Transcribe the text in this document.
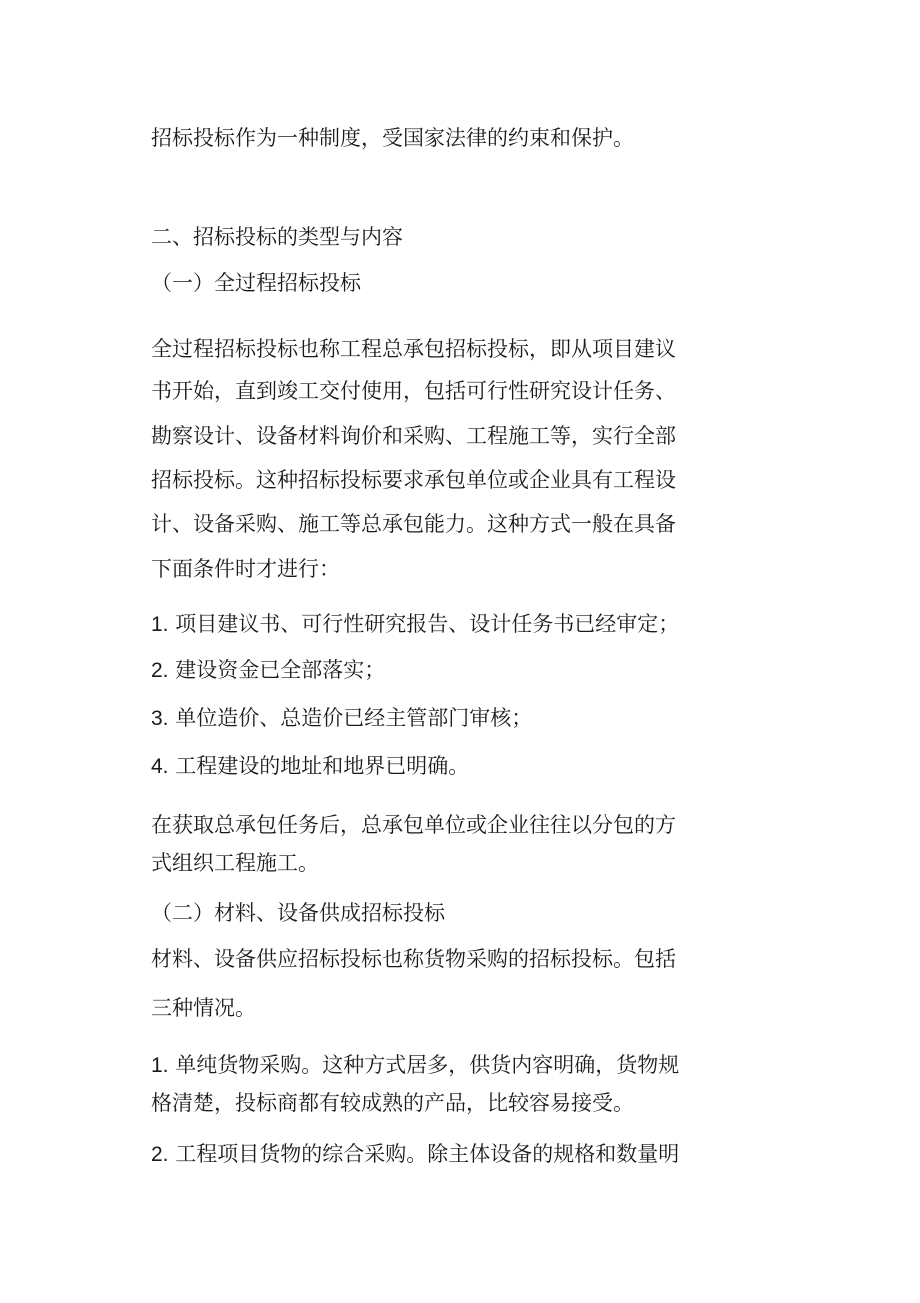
招标投标作为一种制度，受国家法律的约束和保护。

二、招标投标的类型与内容

（一）全过程招标投标

全过程招标投标也称工程总承包招标投标，即从项目建议

书开始，直到竣工交付使用，包括可行性研究设计任务、

勘察设计、设备材料询价和采购、工程施工等，实行全部

招标投标。这种招标投标要求承包单位或企业具有工程设

计、设备采购、施工等总承包能力。这种方式一般在具备

下面条件时才进行：

1. 项目建议书、可行性研究报告、设计任务书已经审定；

2. 建设资金已全部落实；

3. 单位造价、总造价已经主管部门审核；

4. 工程建设的地址和地界已明确。

在获取总承包任务后，总承包单位或企业往往以分包的方

式组织工程施工。

（二）材料、设备供成招标投标

材料、设备供应招标投标也称货物采购的招标投标。包括

三种情况。

1. 单纯货物采购。这种方式居多，供货内容明确，货物规

格清楚，投标商都有较成熟的产品，比较容易接受。

2. 工程项目货物的综合采购。除主体设备的规格和数量明
